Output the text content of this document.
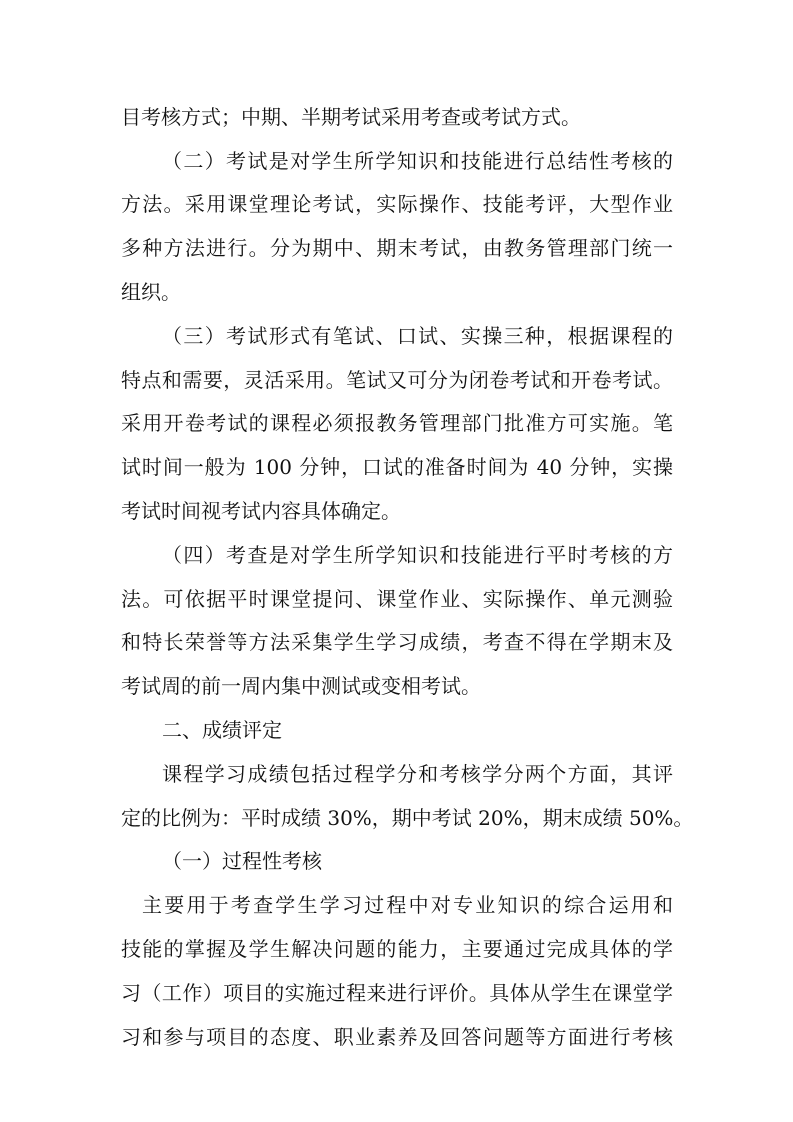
目考核方式；中期、半期考试采用考查或考试方式。
（二）考试是对学生所学知识和技能进行总结性考核的
方法。采用课堂理论考试，实际操作、技能考评，大型作业
多种方法进行。分为期中、期末考试，由教务管理部门统一
组织。
（三）考试形式有笔试、口试、实操三种，根据课程的
特点和需要，灵活采用。笔试又可分为闭卷考试和开卷考试。
采用开卷考试的课程必须报教务管理部门批准方可实施。笔
试时间一般为 100 分钟，口试的准备时间为 40 分钟，实操
考试时间视考试内容具体确定。
（四）考查是对学生所学知识和技能进行平时考核的方
法。可依据平时课堂提问、课堂作业、实际操作、单元测验
和特长荣誉等方法采集学生学习成绩，考查不得在学期末及
考试周的前一周内集中测试或变相考试。
二、成绩评定
课程学习成绩包括过程学分和考核学分两个方面，其评
定的比例为：平时成绩 30%，期中考试 20%，期末成绩 50%。
（一）过程性考核
主要用于考查学生学习过程中对专业知识的综合运用和
技能的掌握及学生解决问题的能力，主要通过完成具体的学
习（工作）项目的实施过程来进行评价。具体从学生在课堂学
习和参与项目的态度、职业素养及回答问题等方面进行考核
